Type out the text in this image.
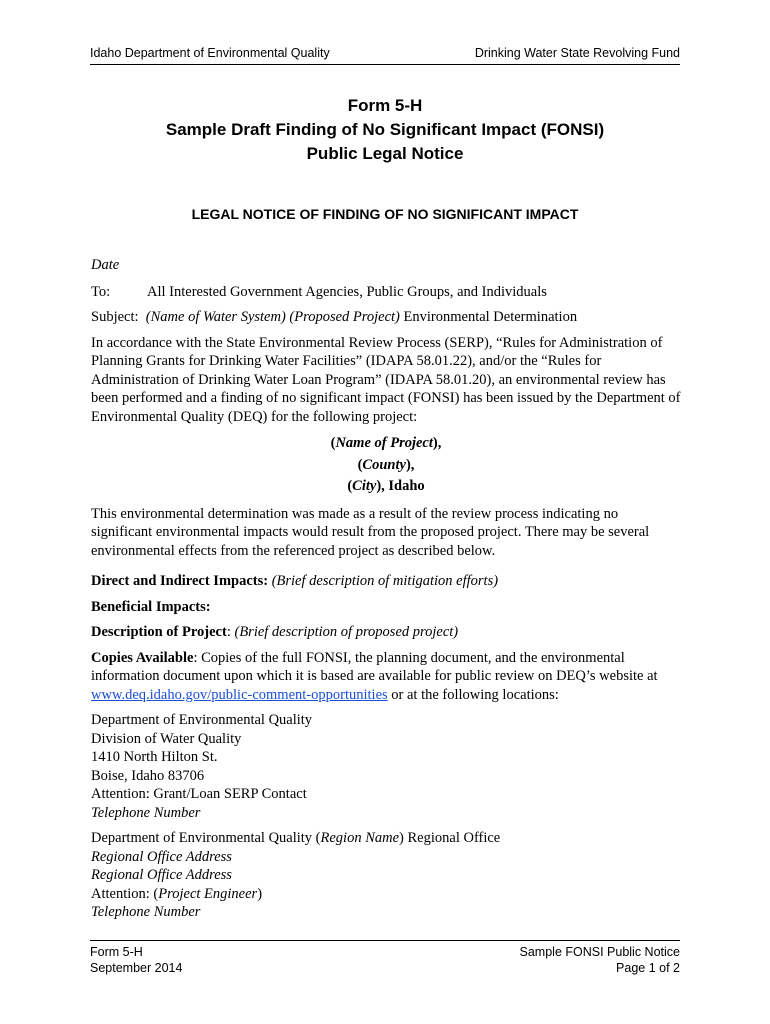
Idaho Department of Environmental Quality	Drinking Water State Revolving Fund
Form 5-H
Sample Draft Finding of No Significant Impact (FONSI)
Public Legal Notice
LEGAL NOTICE OF FINDING OF NO SIGNIFICANT IMPACT

Date

To:	All Interested Government Agencies, Public Groups, and Individuals

Subject: (Name of Water System) (Proposed Project) Environmental Determination

In accordance with the State Environmental Review Process (SERP), “Rules for Administration of Planning Grants for Drinking Water Facilities” (IDAPA 58.01.22), and/or the “Rules for Administration of Drinking Water Loan Program” (IDAPA 58.01.20), an environmental review has been performed and a finding of no significant impact (FONSI) has been issued by the Department of Environmental Quality (DEQ) for the following project:

(Name of Project),
(County),
(City), Idaho

This environmental determination was made as a result of the review process indicating no significant environmental impacts would result from the proposed project. There may be several environmental effects from the referenced project as described below.

Direct and Indirect Impacts: (Brief description of mitigation efforts)

Beneficial Impacts:

Description of Project: (Brief description of proposed project)

Copies Available: Copies of the full FONSI, the planning document, and the environmental information document upon which it is based are available for public review on DEQ’s website at www.deq.idaho.gov/public-comment-opportunities or at the following locations:

Department of Environmental Quality
Division of Water Quality
1410 North Hilton St.
Boise, Idaho 83706
Attention: Grant/Loan SERP Contact
Telephone Number
Department of Environmental Quality (Region Name) Regional Office
Regional Office Address
Regional Office Address
Attention: (Project Engineer)
Telephone Number
Form 5-H
September 2014
Sample FONSI Public Notice
Page 1 of 2
